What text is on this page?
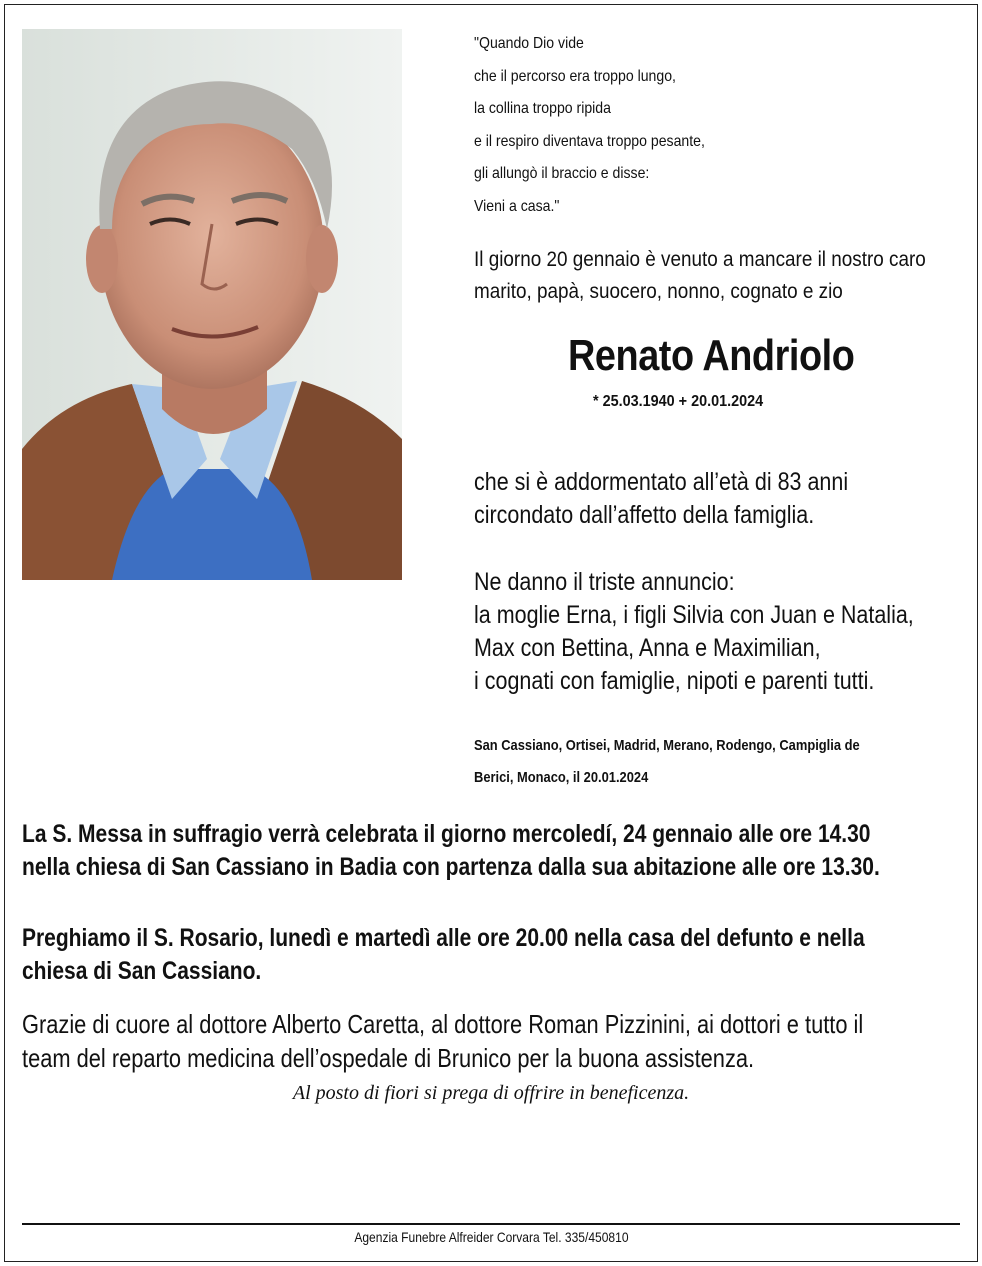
"Quando Dio vide
che il percorso era troppo lungo,
la collina troppo ripida
e il respiro diventava troppo pesante,
gli allungò il braccio e disse:
Vieni a casa."
Il giorno 20 gennaio è venuto a mancare il nostro caro
marito, papà, suocero, nonno, cognato e zio
Renato Andriolo
* 25.03.1940 + 20.01.2024
che si è addormentato all’età di 83 anni
circondato dall’affetto della famiglia.
Ne danno il triste annuncio:
la moglie Erna, i figli Silvia con Juan e Natalia,
Max con Bettina, Anna e Maximilian,
i cognati con famiglie, nipoti e parenti tutti.
San Cassiano, Ortisei, Madrid, Merano, Rodengo, Campiglia de
Berici, Monaco, il 20.01.2024
La S. Messa in suffragio verrà celebrata il giorno mercoledí, 24 gennaio alle ore 14.30
nella chiesa di San Cassiano in Badia con partenza dalla sua abitazione alle ore 13.30.
Preghiamo il S. Rosario, lunedì e martedì alle ore 20.00 nella casa del defunto e nella
chiesa di San Cassiano.
Grazie di cuore al dottore Alberto Caretta, al dottore Roman Pizzinini, ai dottori e tutto il
team del reparto medicina dell’ospedale di Brunico per la buona assistenza.
Al posto di fiori si prega di offrire in beneficenza.
Agenzia Funebre Alfreider Corvara Tel. 335/450810
